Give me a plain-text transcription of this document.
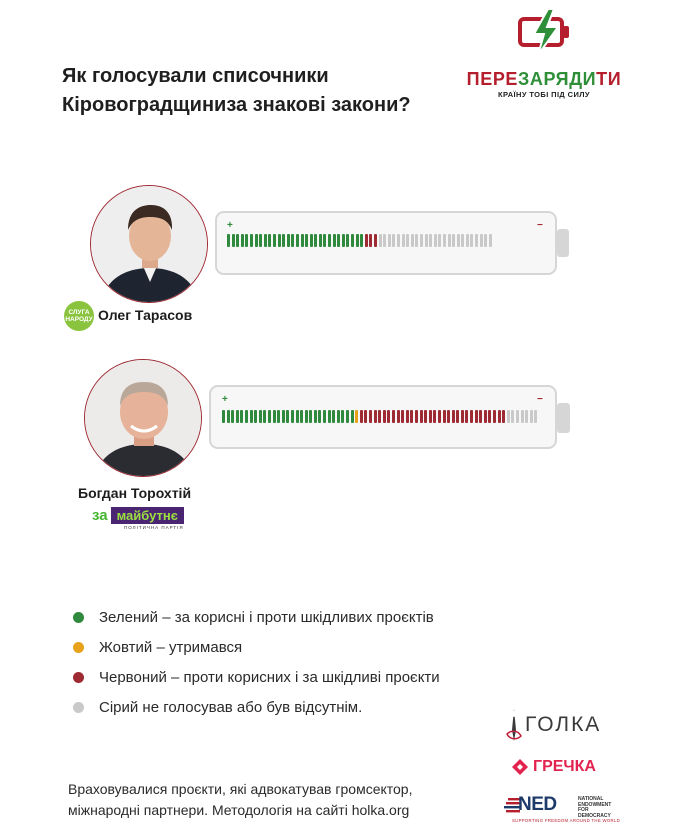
Як голосували списочники
Кіровоградщиниза знакові закони?
ПЕРЕЗАРЯДИТИ
КРАЇНУ ТОБІ ПІД СИЛУ
СЛУГА
НАРОДУ Олег Тарасов
+	−
Богдан Торохтій
за майбутнє
ПОЛІТИЧНА ПАРТІЯ
+	−
Зелений – за корисні і проти шкідливих проєктів
Жовтий – утримався
Червоний – проти корисних і за шкідливі проєкти
Сірий не голосував або був відсутнім.
Враховувалися проєкти, які адвокатував громсектор,
міжнародні партнери. Методологія на сайті holka.org
ГОЛКА
ГРЕЧКА
NED	NATIONAL
ENDOWMENT
FOR
DEMOCRACY
SUPPORTING FREEDOM AROUND THE WORLD
